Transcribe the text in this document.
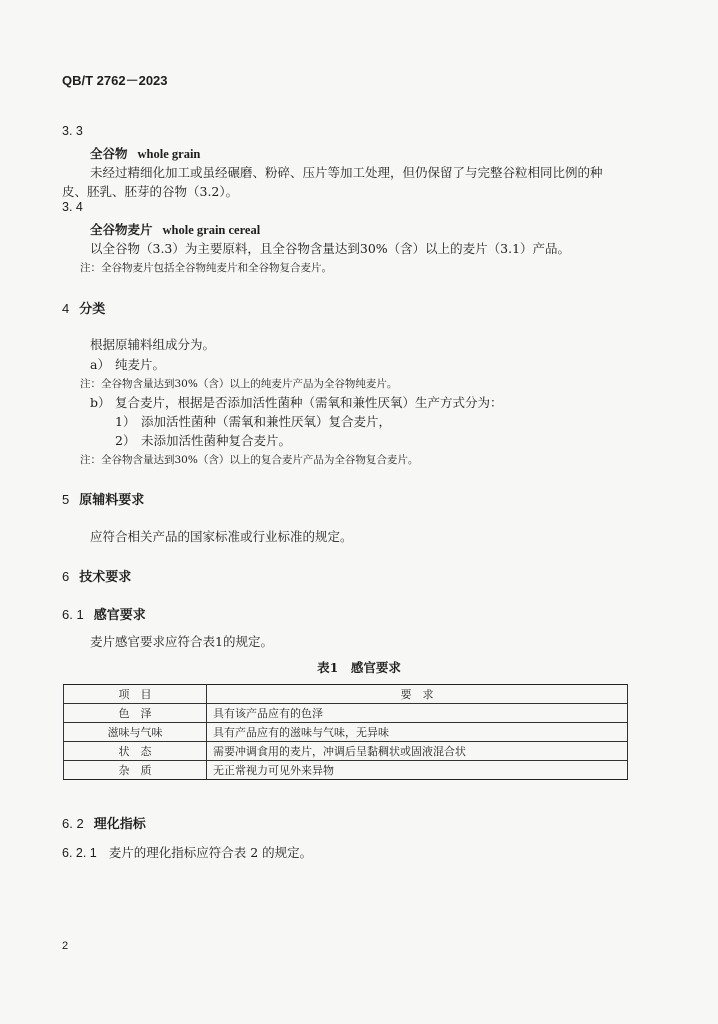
QB/T 2762－2023
3. 3
全谷物 whole grain
未经过精细化加工或虽经碾磨、粉碎、压片等加工处理，但仍保留了与完整谷粒相同比例的种
皮、胚乳、胚芽的谷物（3.2）。
3. 4
全谷物麦片 whole grain cereal
以全谷物（3.3）为主要原料，且全谷物含量达到30%（含）以上的麦片（3.1）产品。
注：全谷物麦片包括全谷物纯麦片和全谷物复合麦片。
4 分类
根据原辅料组成分为。
a） 纯麦片。
注：全谷物含量达到30%（含）以上的纯麦片产品为全谷物纯麦片。
b） 复合麦片，根据是否添加活性菌种（需氧和兼性厌氧）生产方式分为：
1） 添加活性菌种（需氧和兼性厌氧）复合麦片，
2） 未添加活性菌种复合麦片。
注：全谷物含量达到30%（含）以上的复合麦片产品为全谷物复合麦片。
5 原辅料要求
应符合相关产品的国家标准或行业标准的规定。
6 技术要求
6. 1 感官要求
麦片感官要求应符合表1的规定。
表1　感官要求
项　目	要　求
色　泽	具有该产品应有的色泽
滋味与气味	具有产品应有的滋味与气味，无异味
状　态	需要冲调食用的麦片，冲调后呈黏稠状或固液混合状
杂　质	无正常视力可见外来异物
6. 2 理化指标
6. 2. 1 麦片的理化指标应符合表 2 的规定。
2
